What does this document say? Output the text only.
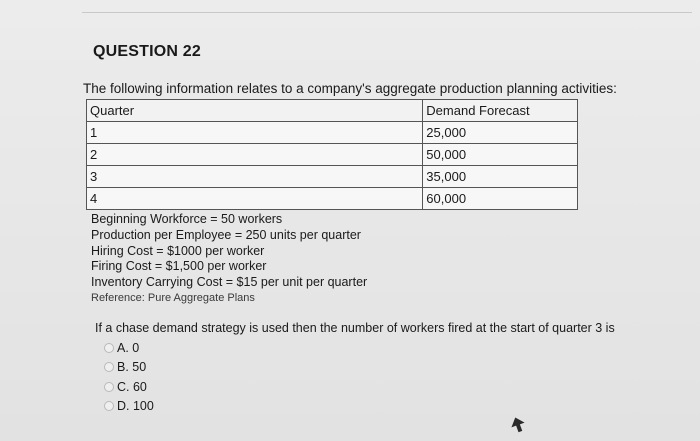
QUESTION 22
The following information relates to a company's aggregate production planning activities:
Quarter	Demand Forecast
1	25,000
2	50,000
3	35,000
4	60,000
Beginning Workforce = 50 workers
Production per Employee = 250 units per quarter
Hiring Cost = $1000 per worker
Firing Cost = $1,500 per worker
Inventory Carrying Cost = $15 per unit per quarter
Reference: Pure Aggregate Plans
If a chase demand strategy is used then the number of workers fired at the start of quarter 3 is
A. 0
B. 50
C. 60
D. 100
